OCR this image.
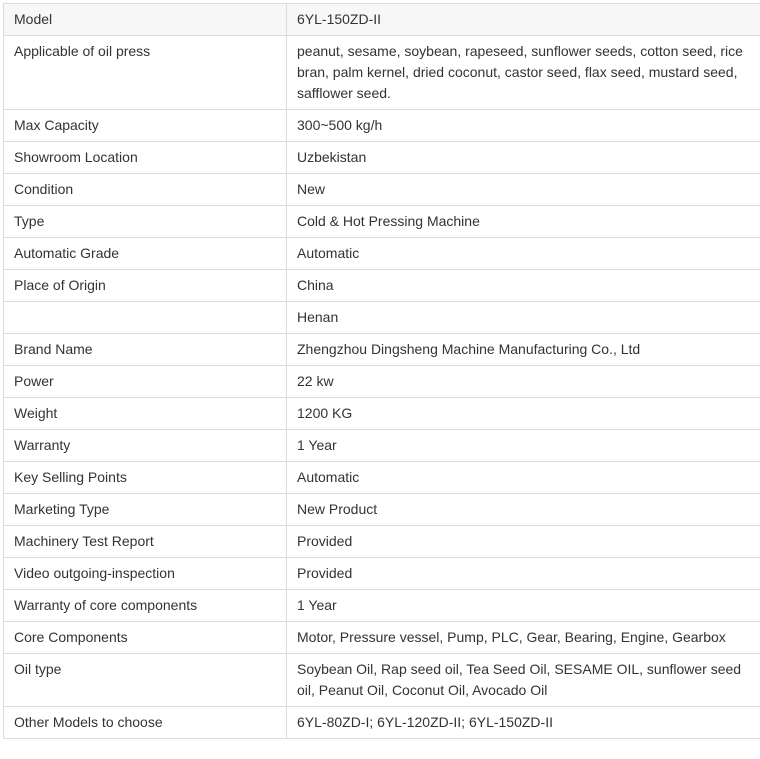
Model	6YL-150ZD-II
Applicable of oil press	peanut, sesame, soybean, rapeseed, sunflower seeds, cotton seed, rice bran, palm kernel, dried coconut, castor seed, flax seed, mustard seed, safflower seed.
Max Capacity	300~500 kg/h
Showroom Location	Uzbekistan
Condition	New
Type	Cold & Hot Pressing Machine
Automatic Grade	Automatic
Place of Origin	China
	Henan
Brand Name	Zhengzhou Dingsheng Machine Manufacturing Co., Ltd
Power	22 kw
Weight	1200 KG
Warranty	1 Year
Key Selling Points	Automatic
Marketing Type	New Product
Machinery Test Report	Provided
Video outgoing-inspection	Provided
Warranty of core components	1 Year
Core Components	Motor, Pressure vessel, Pump, PLC, Gear, Bearing, Engine, Gearbox
Oil type	Soybean Oil, Rap seed oil, Tea Seed Oil, SESAME OIL, sunflower seed oil, Peanut Oil, Coconut Oil, Avocado Oil
Other Models to choose	6YL-80ZD-I; 6YL-120ZD-II; 6YL-150ZD-II
